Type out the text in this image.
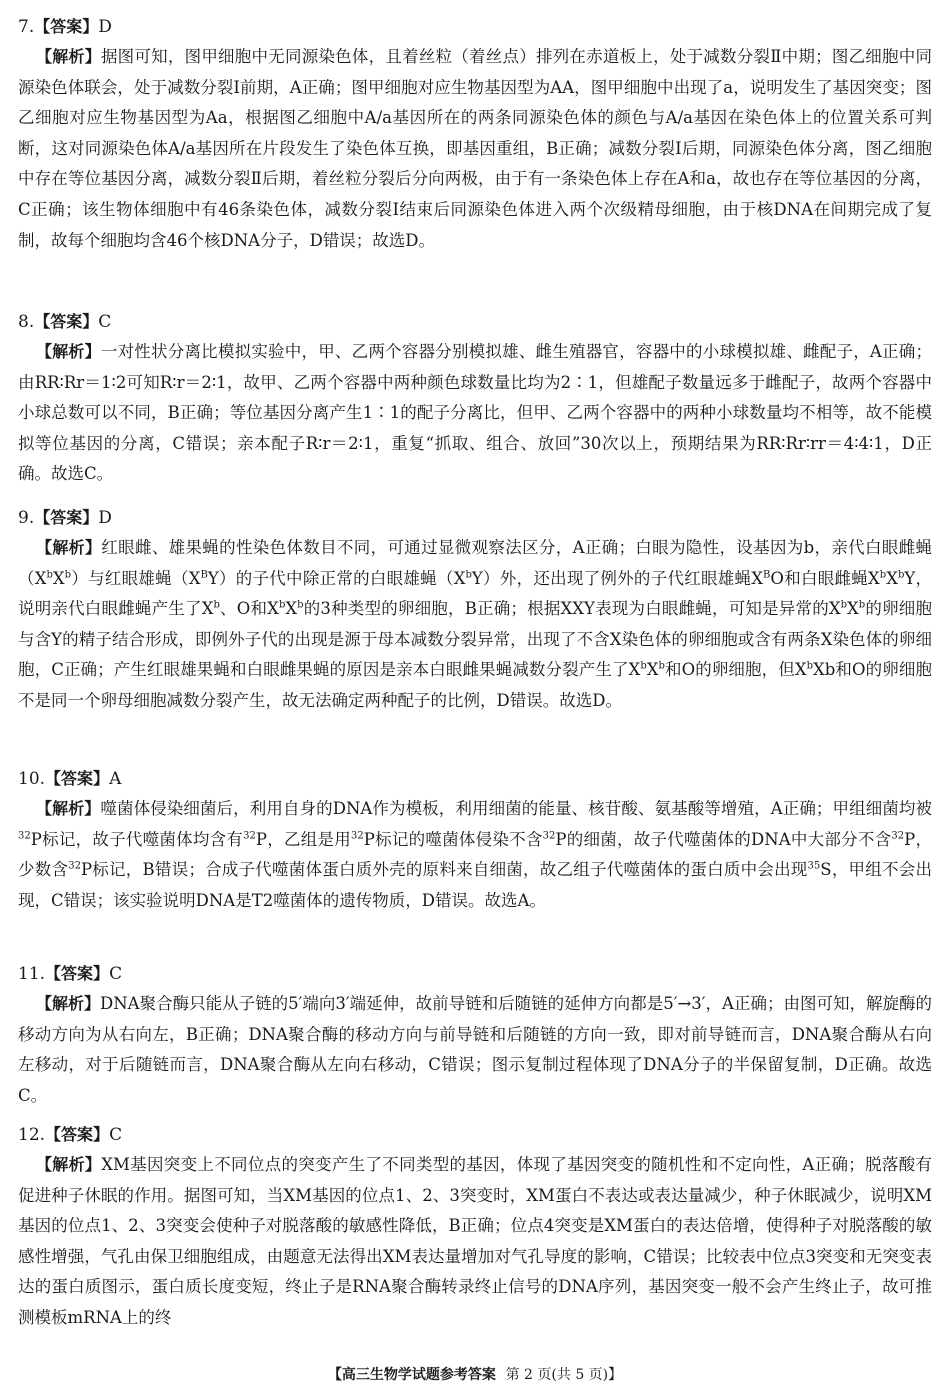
7.【答案】D
【解析】据图可知，图甲细胞中无同源染色体，且着丝粒（着丝点）排列在赤道板上，处于减数分裂Ⅱ中期；图乙细胞中同源染色体联会，处于减数分裂Ⅰ前期，A正确；图甲细胞对应生物基因型为AA，图甲细胞中出现了a，说明发生了基因突变；图乙细胞对应生物基因型为Aa，根据图乙细胞中A/a基因所在的两条同源染色体的颜色与A/a基因在染色体上的位置关系可判断，这对同源染色体A/a基因所在片段发生了染色体互换，即基因重组，B正确；减数分裂Ⅰ后期，同源染色体分离，图乙细胞中存在等位基因分离，减数分裂Ⅱ后期，着丝粒分裂后分向两极，由于有一条染色体上存在A和a，故也存在等位基因的分离，C正确；该生物体细胞中有46条染色体，减数分裂Ⅰ结束后同源染色体进入两个次级精母细胞，由于核DNA在间期完成了复制，故每个细胞均含46个核DNA分子，D错误；故选D。
8.【答案】C
【解析】一对性状分离比模拟实验中，甲、乙两个容器分别模拟雄、雌生殖器官，容器中的小球模拟雄、雌配子，A正确；由RR∶Rr＝1∶2可知R∶r＝2∶1，故甲、乙两个容器中两种颜色球数量比均为2∶1，但雄配子数量远多于雌配子，故两个容器中小球总数可以不同，B正确；等位基因分离产生1∶1的配子分离比，但甲、乙两个容器中的两种小球数量均不相等，故不能模拟等位基因的分离，C错误；亲本配子R∶r＝2∶1，重复“抓取、组合、放回”30次以上，预期结果为RR∶Rr∶rr＝4∶4∶1，D正确。故选C。
9.【答案】D
【解析】红眼雌、雄果蝇的性染色体数目不同，可通过显微观察法区分，A正确；白眼为隐性，设基因为b，亲代白眼雌蝇$(X^bX^b)$与红眼雄蝇$(X^BY)$的子代中除正常的白眼雄蝇$(X^bY)$外，还出现了例外的子代红眼雄蝇$X^BO$和白眼雌蝇$X^bX^bY$，说明亲代白眼雌蝇产生了$X^b$、O和$X^bX^b$的3种类型的卵细胞，B正确；根据XXY表现为白眼雌蝇，可知是异常的$X^bX^b$的卵细胞与含Y的精子结合形成，即例外子代的出现是源于母本减数分裂异常，出现了不含X染色体的卵细胞或含有两条X染色体的卵细胞，C正确；产生红眼雄果蝇和白眼雌果蝇的原因是亲本白眼雌果蝇减数分裂产生了$X^bX^b$和O的卵细胞，但$X^bXb$和O的卵细胞不是同一个卵母细胞减数分裂产生，故无法确定两种配子的比例，D错误。故选D。
10.【答案】A
【解析】噬菌体侵染细菌后，利用自身的DNA作为模板，利用细菌的能量、核苷酸、氨基酸等增殖，A正确；甲组细菌均被$^{32}$P标记，故子代噬菌体均含有$^{32}$P，乙组是用$^{32}$P标记的噬菌体侵染不含$^{32}$P的细菌，故子代噬菌体的DNA中大部分不含$^{32}$P，少数含$^{32}$P标记，B错误；合成子代噬菌体蛋白质外壳的原料来自细菌，故乙组子代噬菌体的蛋白质中会出现$^{35}$S，甲组不会出现，C错误；该实验说明DNA是T2噬菌体的遗传物质，D错误。故选A。
11.【答案】C
【解析】DNA聚合酶只能从子链的5′端向3′端延伸，故前导链和后随链的延伸方向都是5′→3′，A正确；由图可知，解旋酶的移动方向为从右向左，B正确；DNA聚合酶的移动方向与前导链和后随链的方向一致，即对前导链而言，DNA聚合酶从右向左移动，对于后随链而言，DNA聚合酶从左向右移动，C错误；图示复制过程体现了DNA分子的半保留复制，D正确。故选C。
12.【答案】C
【解析】XM基因突变上不同位点的突变产生了不同类型的基因，体现了基因突变的随机性和不定向性，A正确；脱落酸有促进种子休眠的作用。据图可知，当XM基因的位点1、2、3突变时，XM蛋白不表达或表达量减少，种子休眠减少，说明XM基因的位点1、2、3突变会使种子对脱落酸的敏感性降低，B正确；位点4突变是XM蛋白的表达倍增，使得种子对脱落酸的敏感性增强，气孔由保卫细胞组成，由题意无法得出XM表达量增加对气孔导度的影响，C错误；比较表中位点3突变和无突变表达的蛋白质图示，蛋白质长度变短，终止子是RNA聚合酶转录终止信号的DNA序列，基因突变一般不会产生终止子，故可推测模板mRNA上的终
【高三生物学试题参考答案 第 2 页(共 5 页)】
